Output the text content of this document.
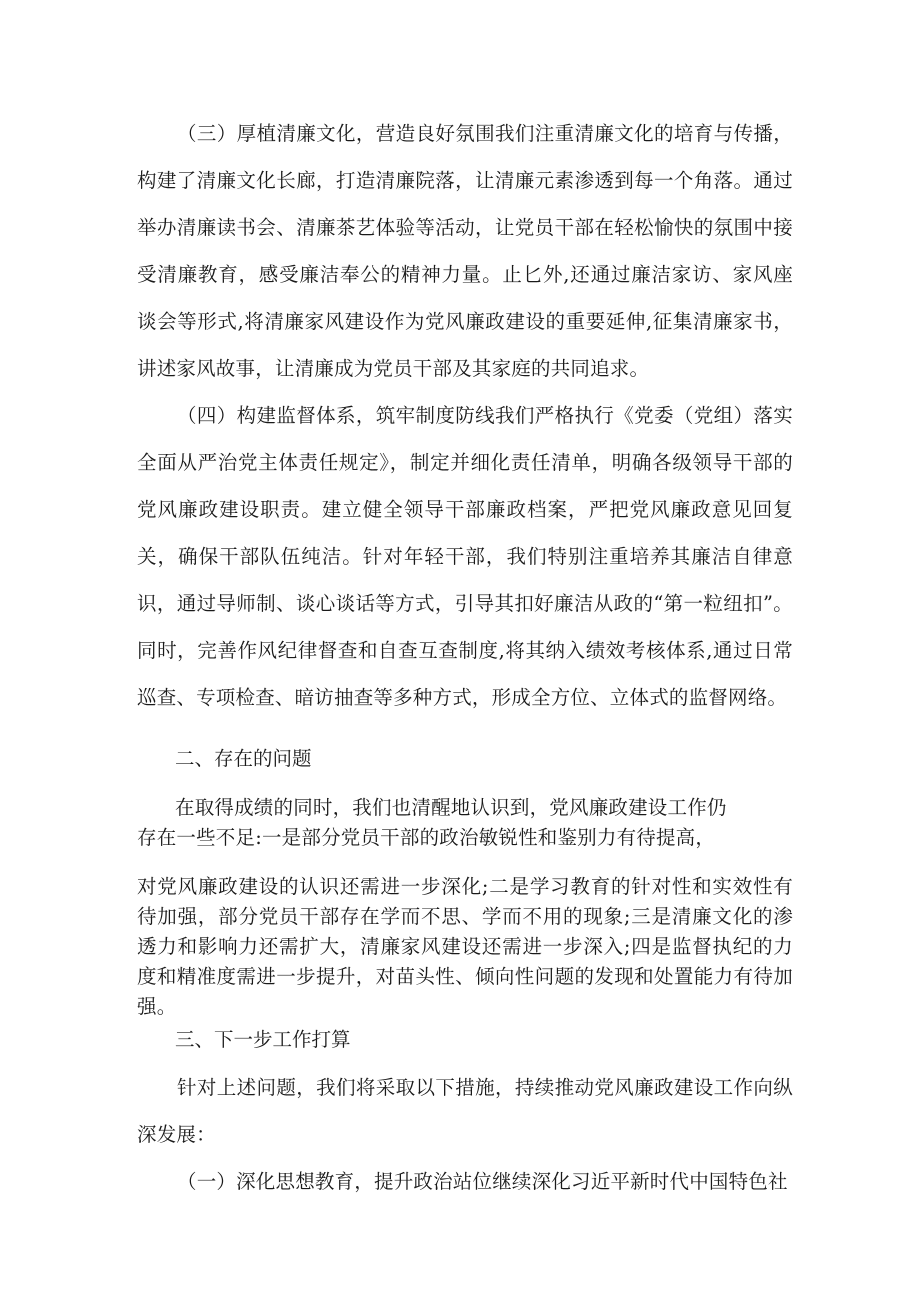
（三）厚植清廉文化，营造良好氛围我们注重清廉文化的培育与传播，构建了清廉文化长廊，打造清廉院落，让清廉元素渗透到每一个角落。通过举办清廉读书会、清廉茶艺体验等活动，让党员干部在轻松愉快的氛围中接受清廉教育，感受廉洁奉公的精神力量。止匕外,还通过廉洁家访、家风座谈会等形式,将清廉家风建设作为党风廉政建设的重要延伸,征集清廉家书，讲述家风故事，让清廉成为党员干部及其家庭的共同追求。

（四）构建监督体系，筑牢制度防线我们严格执行《党委（党组）落实全面从严治党主体责任规定》，制定并细化责任清单，明确各级领导干部的党风廉政建设职责。建立健全领导干部廉政档案，严把党风廉政意见回复关，确保干部队伍纯洁。针对年轻干部，我们特别注重培养其廉洁自律意识，通过导师制、谈心谈话等方式，引导其扣好廉洁从政的“第一粒纽扣”。同时，完善作风纪律督查和自查互查制度,将其纳入绩效考核体系,通过日常巡查、专项检查、暗访抽查等多种方式，形成全方位、立体式的监督网络。

二、存在的问题

在取得成绩的同时，我们也清醒地认识到，党风廉政建设工作仍
存在一些不足:一是部分党员干部的政治敏锐性和鉴别力有待提高，

对党风廉政建设的认识还需进一步深化;二是学习教育的针对性和实效性有待加强，部分党员干部存在学而不思、学而不用的现象;三是清廉文化的渗透力和影响力还需扩大，清廉家风建设还需进一步深入;四是监督执纪的力度和精准度需进一步提升，对苗头性、倾向性问题的发现和处置能力有待加强。

三、下一步工作打算

针对上述问题，我们将采取以下措施，持续推动党风廉政建设工作向纵深发展：

（一）深化思想教育，提升政治站位继续深化习近平新时代中国特色社
